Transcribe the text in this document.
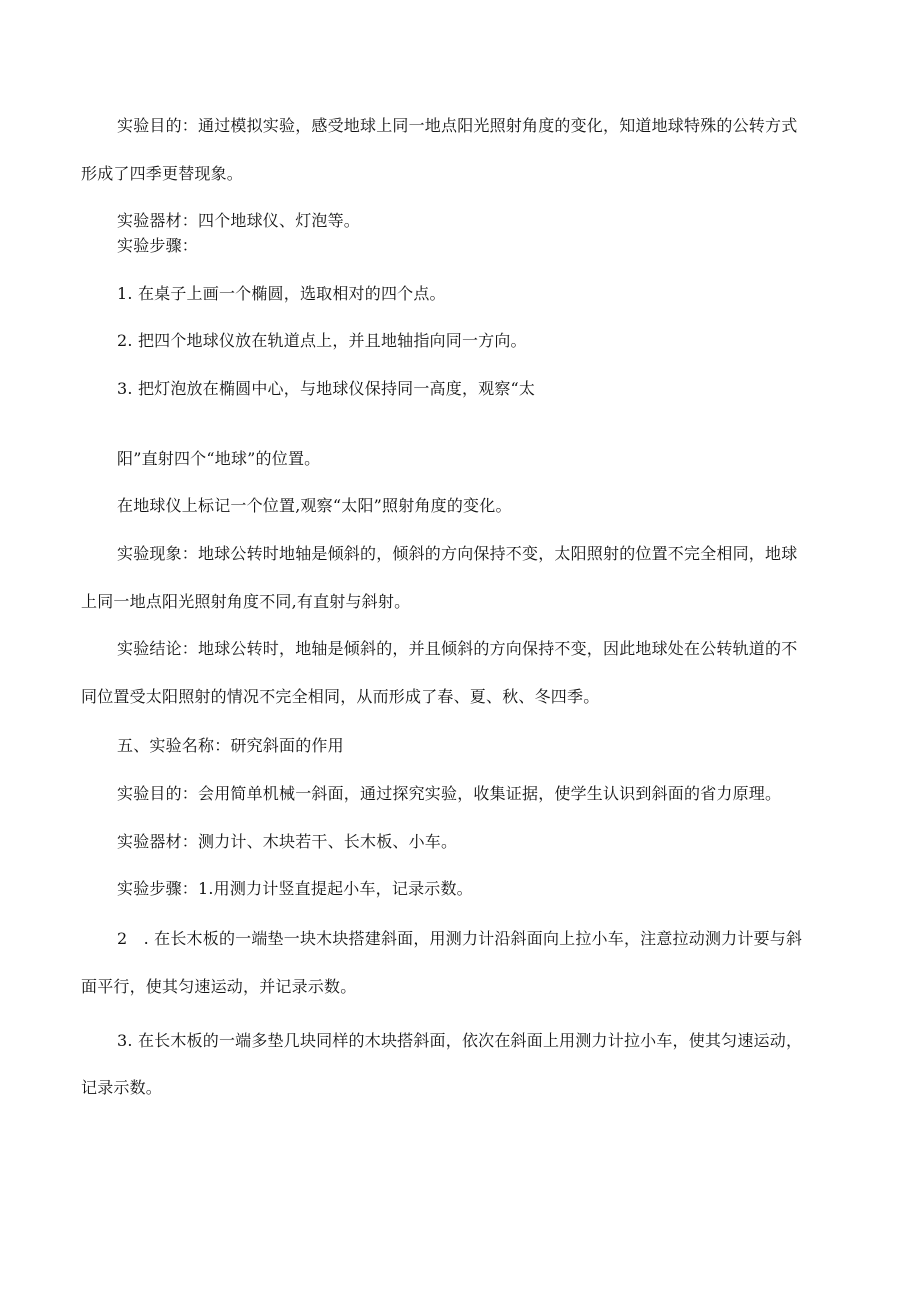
实验目的：通过模拟实验，感受地球上同一地点阳光照射角度的变化，知道地球特殊的公转方式
形成了四季更替现象。
实验器材：四个地球仪、灯泡等。
实验步骤：
1. 在桌子上画一个椭圆，选取相对的四个点。
2. 把四个地球仪放在轨道点上，并且地轴指向同一方向。
3. 把灯泡放在椭圆中心，与地球仪保持同一高度，观察“太
阳”直射四个“地球”的位置。
在地球仪上标记一个位置,观察“太阳”照射角度的变化。
实验现象：地球公转时地轴是倾斜的，倾斜的方向保持不变，太阳照射的位置不完全相同，地球
上同一地点阳光照射角度不同,有直射与斜射。
实验结论：地球公转时，地轴是倾斜的，并且倾斜的方向保持不变，因此地球处在公转轨道的不
同位置受太阳照射的情况不完全相同，从而形成了春、夏、秋、冬四季。
五、实验名称：研究斜面的作用
实验目的：会用简单机械一斜面，通过探究实验，收集证据，使学生认识到斜面的省力原理。
实验器材：测力计、木块若干、长木板、小车。
实验步骤：1.用测力计竖直提起小车，记录示数。
2　. 在长木板的一端垫一块木块搭建斜面，用测力计沿斜面向上拉小车，注意拉动测力计要与斜
面平行，使其匀速运动，并记录示数。
3. 在长木板的一端多垫几块同样的木块搭斜面，依次在斜面上用测力计拉小车，使其匀速运动，
记录示数。
